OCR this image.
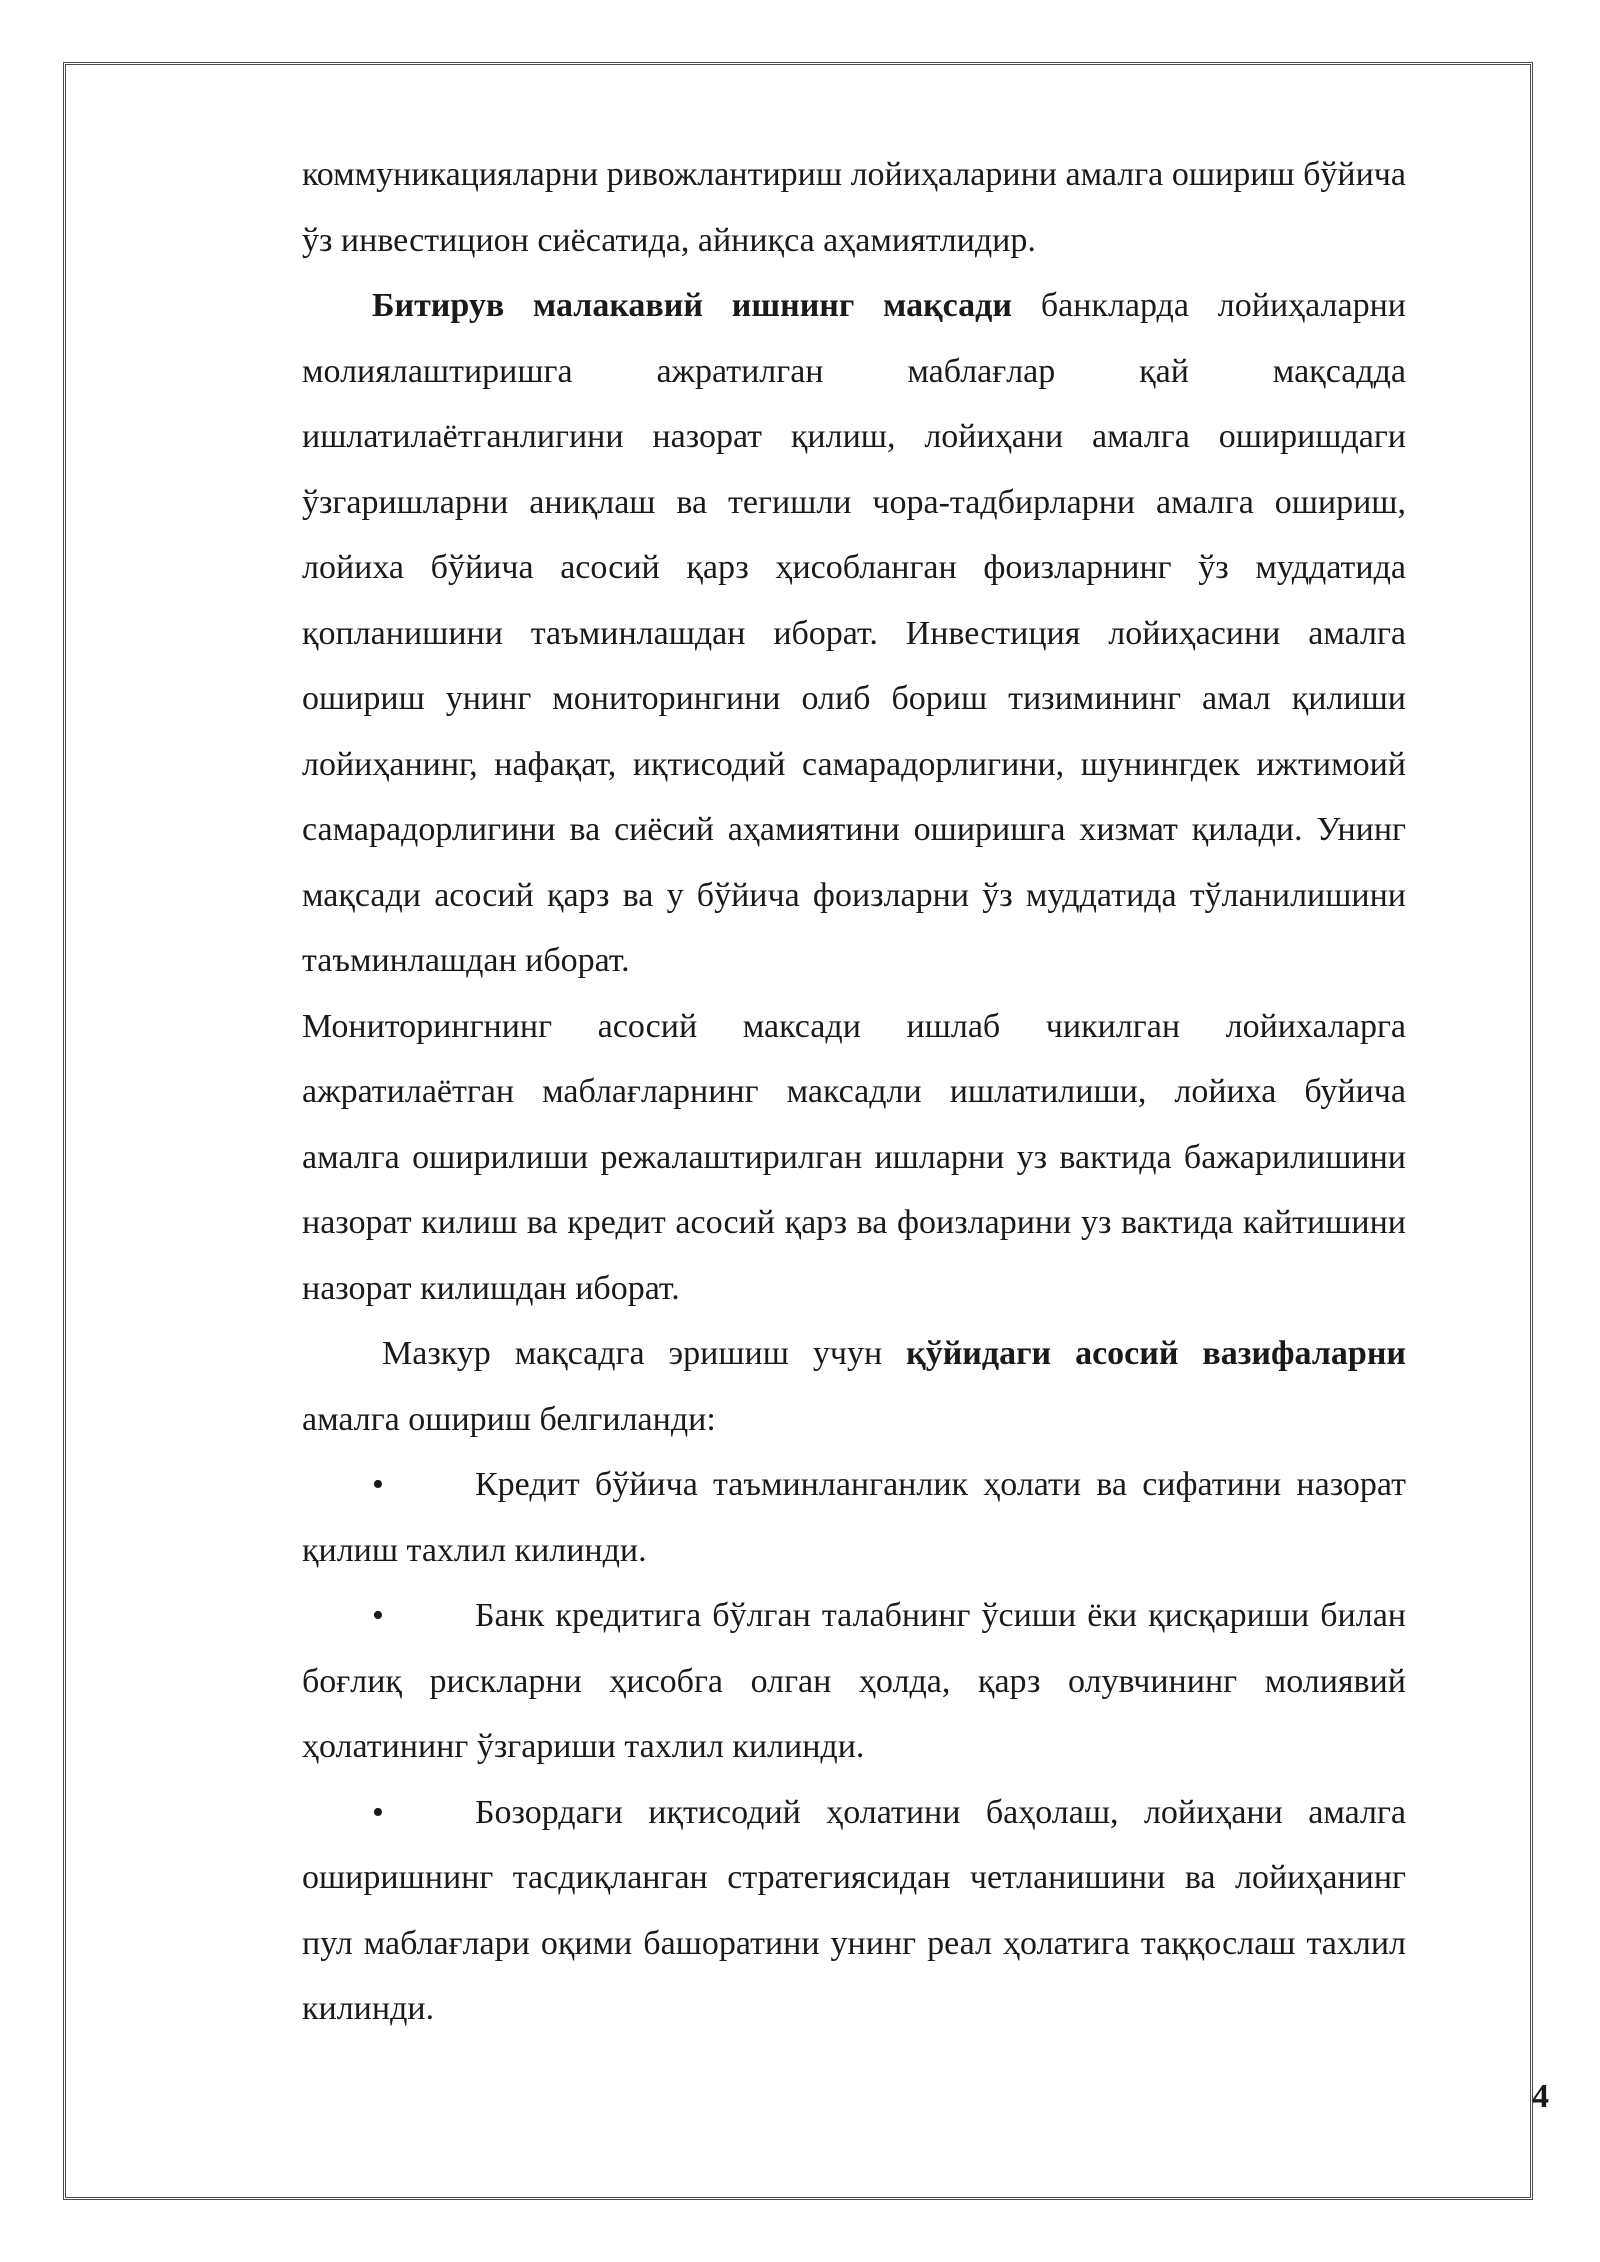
коммуникацияларни ривожлантириш лойиҳаларини амалга ошириш бўйича ўз инвестицион сиёсатида, айниқса аҳамиятлидир.

Битирув малакавий ишнинг мақсади банкларда лойиҳаларни молиялаштиришга ажратилган маблағлар қай мақсадда ишлатилаётганлигини назорат қилиш, лойиҳани амалга оширишдаги ўзгаришларни аниқлаш ва тегишли чора-тадбирларни амалга ошириш, лойиха бўйича асосий қарз ҳисобланган фоизларнинг ўз муддатида қопланишини таъминлашдан иборат. Инвестиция лойиҳасини амалга ошириш унинг мониторингини олиб бориш тизимининг амал қилиши лойиҳанинг, нафақат, иқтисодий самарадорлигини, шунингдек ижтимоий самарадорлигини ва сиёсий аҳамиятини оширишга хизмат қилади. Унинг мақсади асосий қарз ва у бўйича фоизларни ўз муддатида тўланилишини таъминлашдан иборат.

Мониторингнинг асосий максади ишлаб чикилган лойихаларга ажратилаётган маблағларнинг максадли ишлатилиши, лойиха буйича амалга оширилиши режалаштирилган ишларни уз вактида бажарилишини назорат килиш ва кредит асосий қарз ва фоизларини уз вактида кайтишини назорат килишдан иборат.

Мазкур мақсадга эришиш учун қўйидаги асосий вазифаларни амалга ошириш белгиланди:

•	Кредит бўйича таъминланганлик ҳолати ва сифатини назорат қилиш тахлил килинди.

•	Банк кредитига бўлган талабнинг ўсиши ёки қисқариши билан боғлиқ рискларни ҳисобга олган ҳолда, қарз олувчининг молиявий ҳолатининг ўзгариши тахлил килинди.

•	Бозордаги иқтисодий ҳолатини баҳолаш, лойиҳани амалга оширишнинг тасдиқланган стратегиясидан четланишини ва лойиҳанинг пул маблағлари оқими башоратини унинг реал ҳолатига таққослаш тахлил килинди.

4
